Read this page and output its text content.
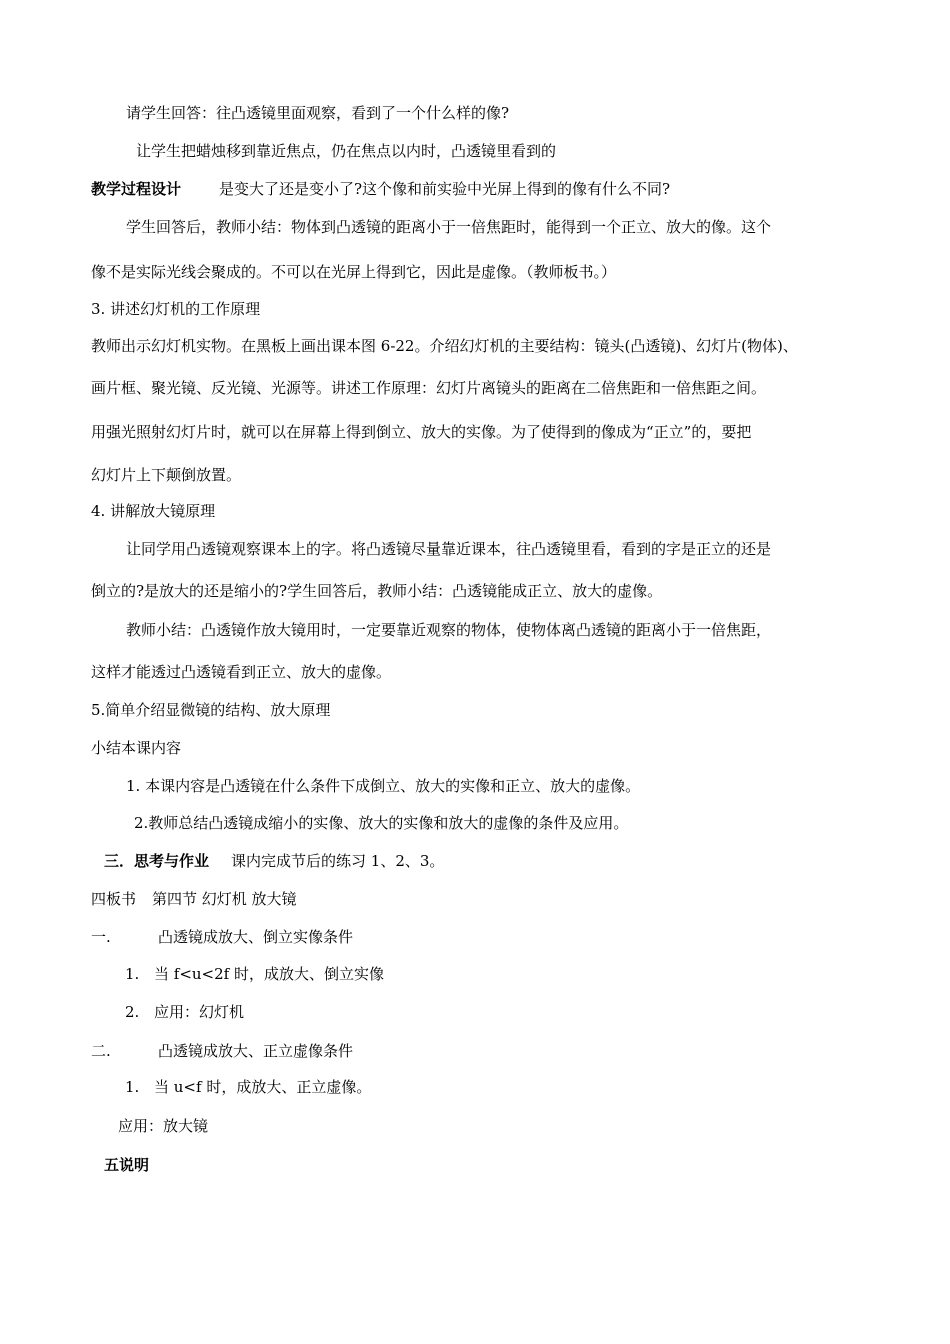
请学生回答：往凸透镜里面观察，看到了一个什么样的像?
让学生把蜡烛移到靠近焦点，仍在焦点以内时，凸透镜里看到的
教学过程设计	是变大了还是变小了?这个像和前实验中光屏上得到的像有什么不同?
学生回答后，教师小结：物体到凸透镜的距离小于一倍焦距时，能得到一个正立、放大的像。这个
像不是实际光线会聚成的。不可以在光屏上得到它，因此是虚像。（教师板书。）
3. 讲述幻灯机的工作原理
教师出示幻灯机实物。在黑板上画出课本图 6-22。介绍幻灯机的主要结构：镜头(凸透镜)、幻灯片(物体)、
画片框、聚光镜、反光镜、光源等。讲述工作原理：幻灯片离镜头的距离在二倍焦距和一倍焦距之间。
用强光照射幻灯片时，就可以在屏幕上得到倒立、放大的实像。为了使得到的像成为“正立”的，要把
幻灯片上下颠倒放置。
4. 讲解放大镜原理
让同学用凸透镜观察课本上的字。将凸透镜尽量靠近课本，往凸透镜里看，看到的字是正立的还是
倒立的?是放大的还是缩小的?学生回答后，教师小结：凸透镜能成正立、放大的虚像。
教师小结：凸透镜作放大镜用时，一定要靠近观察的物体，使物体离凸透镜的距离小于一倍焦距，
这样才能透过凸透镜看到正立、放大的虚像。
5.简单介绍显微镜的结构、放大原理
小结本课内容
1. 本课内容是凸透镜在什么条件下成倒立、放大的实像和正立、放大的虚像。
2.教师总结凸透镜成缩小的实像、放大的实像和放大的虚像的条件及应用。
三．思考与作业 课内完成节后的练习 1、2、3。
四板书 第四节 幻灯机 放大镜
一.	凸透镜成放大、倒立实像条件
1. 当 f<u<2f 时，成放大、倒立实像
2. 应用：幻灯机
二.	凸透镜成放大、正立虚像条件
1. 当 u<f 时，成放大、正立虚像。
应用：放大镜
五说明
